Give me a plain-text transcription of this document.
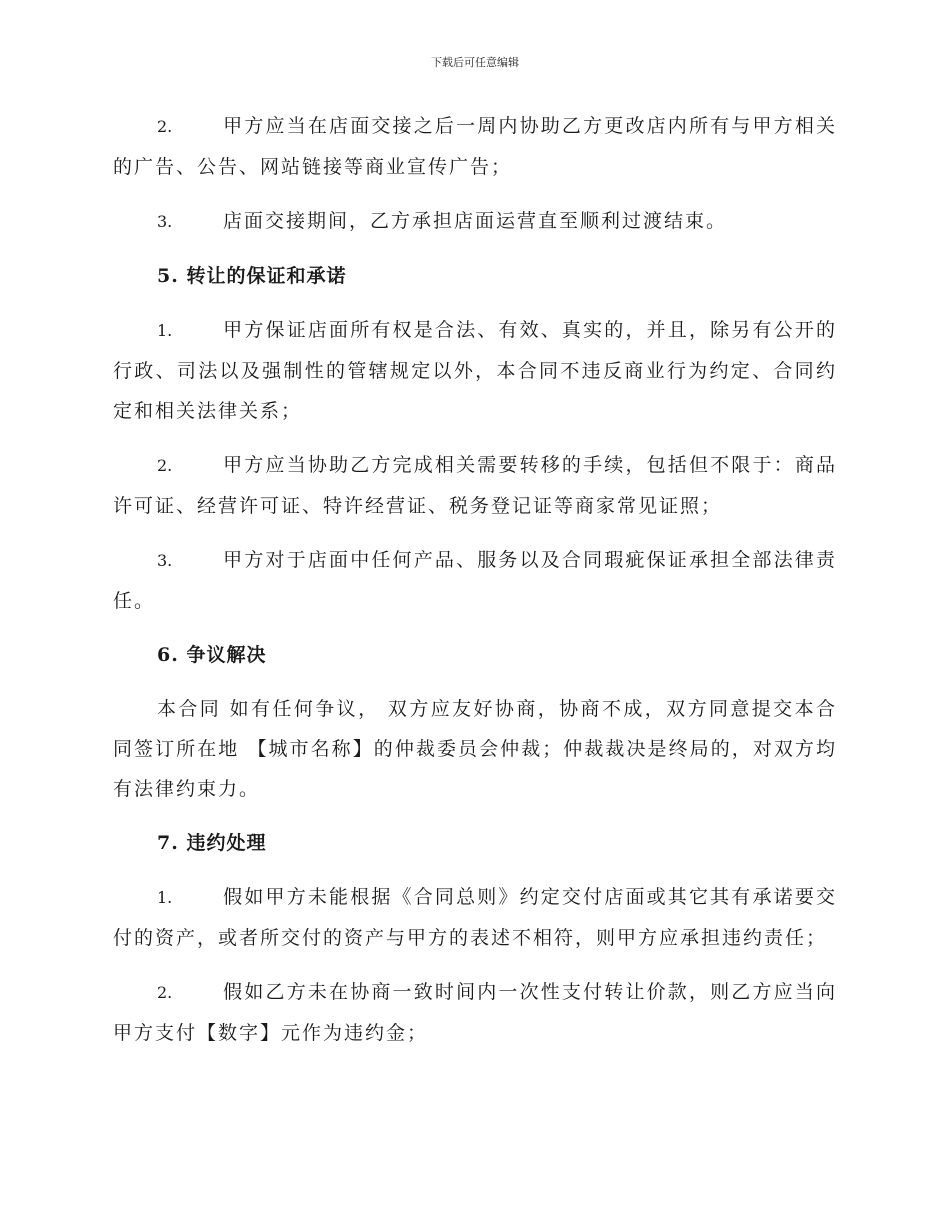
下载后可任意编辑

2.	甲方应当在店面交接之后一周内协助乙方更改店内所有与甲方相关的广告、公告、网站链接等商业宣传广告；

3.	店面交接期间，乙方承担店面运营直至顺利过渡结束。

5. 转让的保证和承诺

1.	甲方保证店面所有权是合法、有效、真实的，并且，除另有公开的行政、司法以及强制性的管辖规定以外，本合同不违反商业行为约定、合同约定和相关法律关系；

2.	甲方应当协助乙方完成相关需要转移的手续，包括但不限于：商品许可证、经营许可证、特许经营证、税务登记证等商家常见证照；

3.	甲方对于店面中任何产品、服务以及合同瑕疵保证承担全部法律责任。

6. 争议解决

本合同 如有任何争议， 双方应友好协商，协商不成，双方同意提交本合同签订所在地 【城市名称】的仲裁委员会仲裁；仲裁裁决是终局的，对双方均有法律约束力。

7. 违约处理

1.	假如甲方未能根据《合同总则》约定交付店面或其它其有承诺要交付的资产，或者所交付的资产与甲方的表述不相符，则甲方应承担违约责任；

2.	假如乙方未在协商一致时间内一次性支付转让价款，则乙方应当向甲方支付【数字】元作为违约金；
